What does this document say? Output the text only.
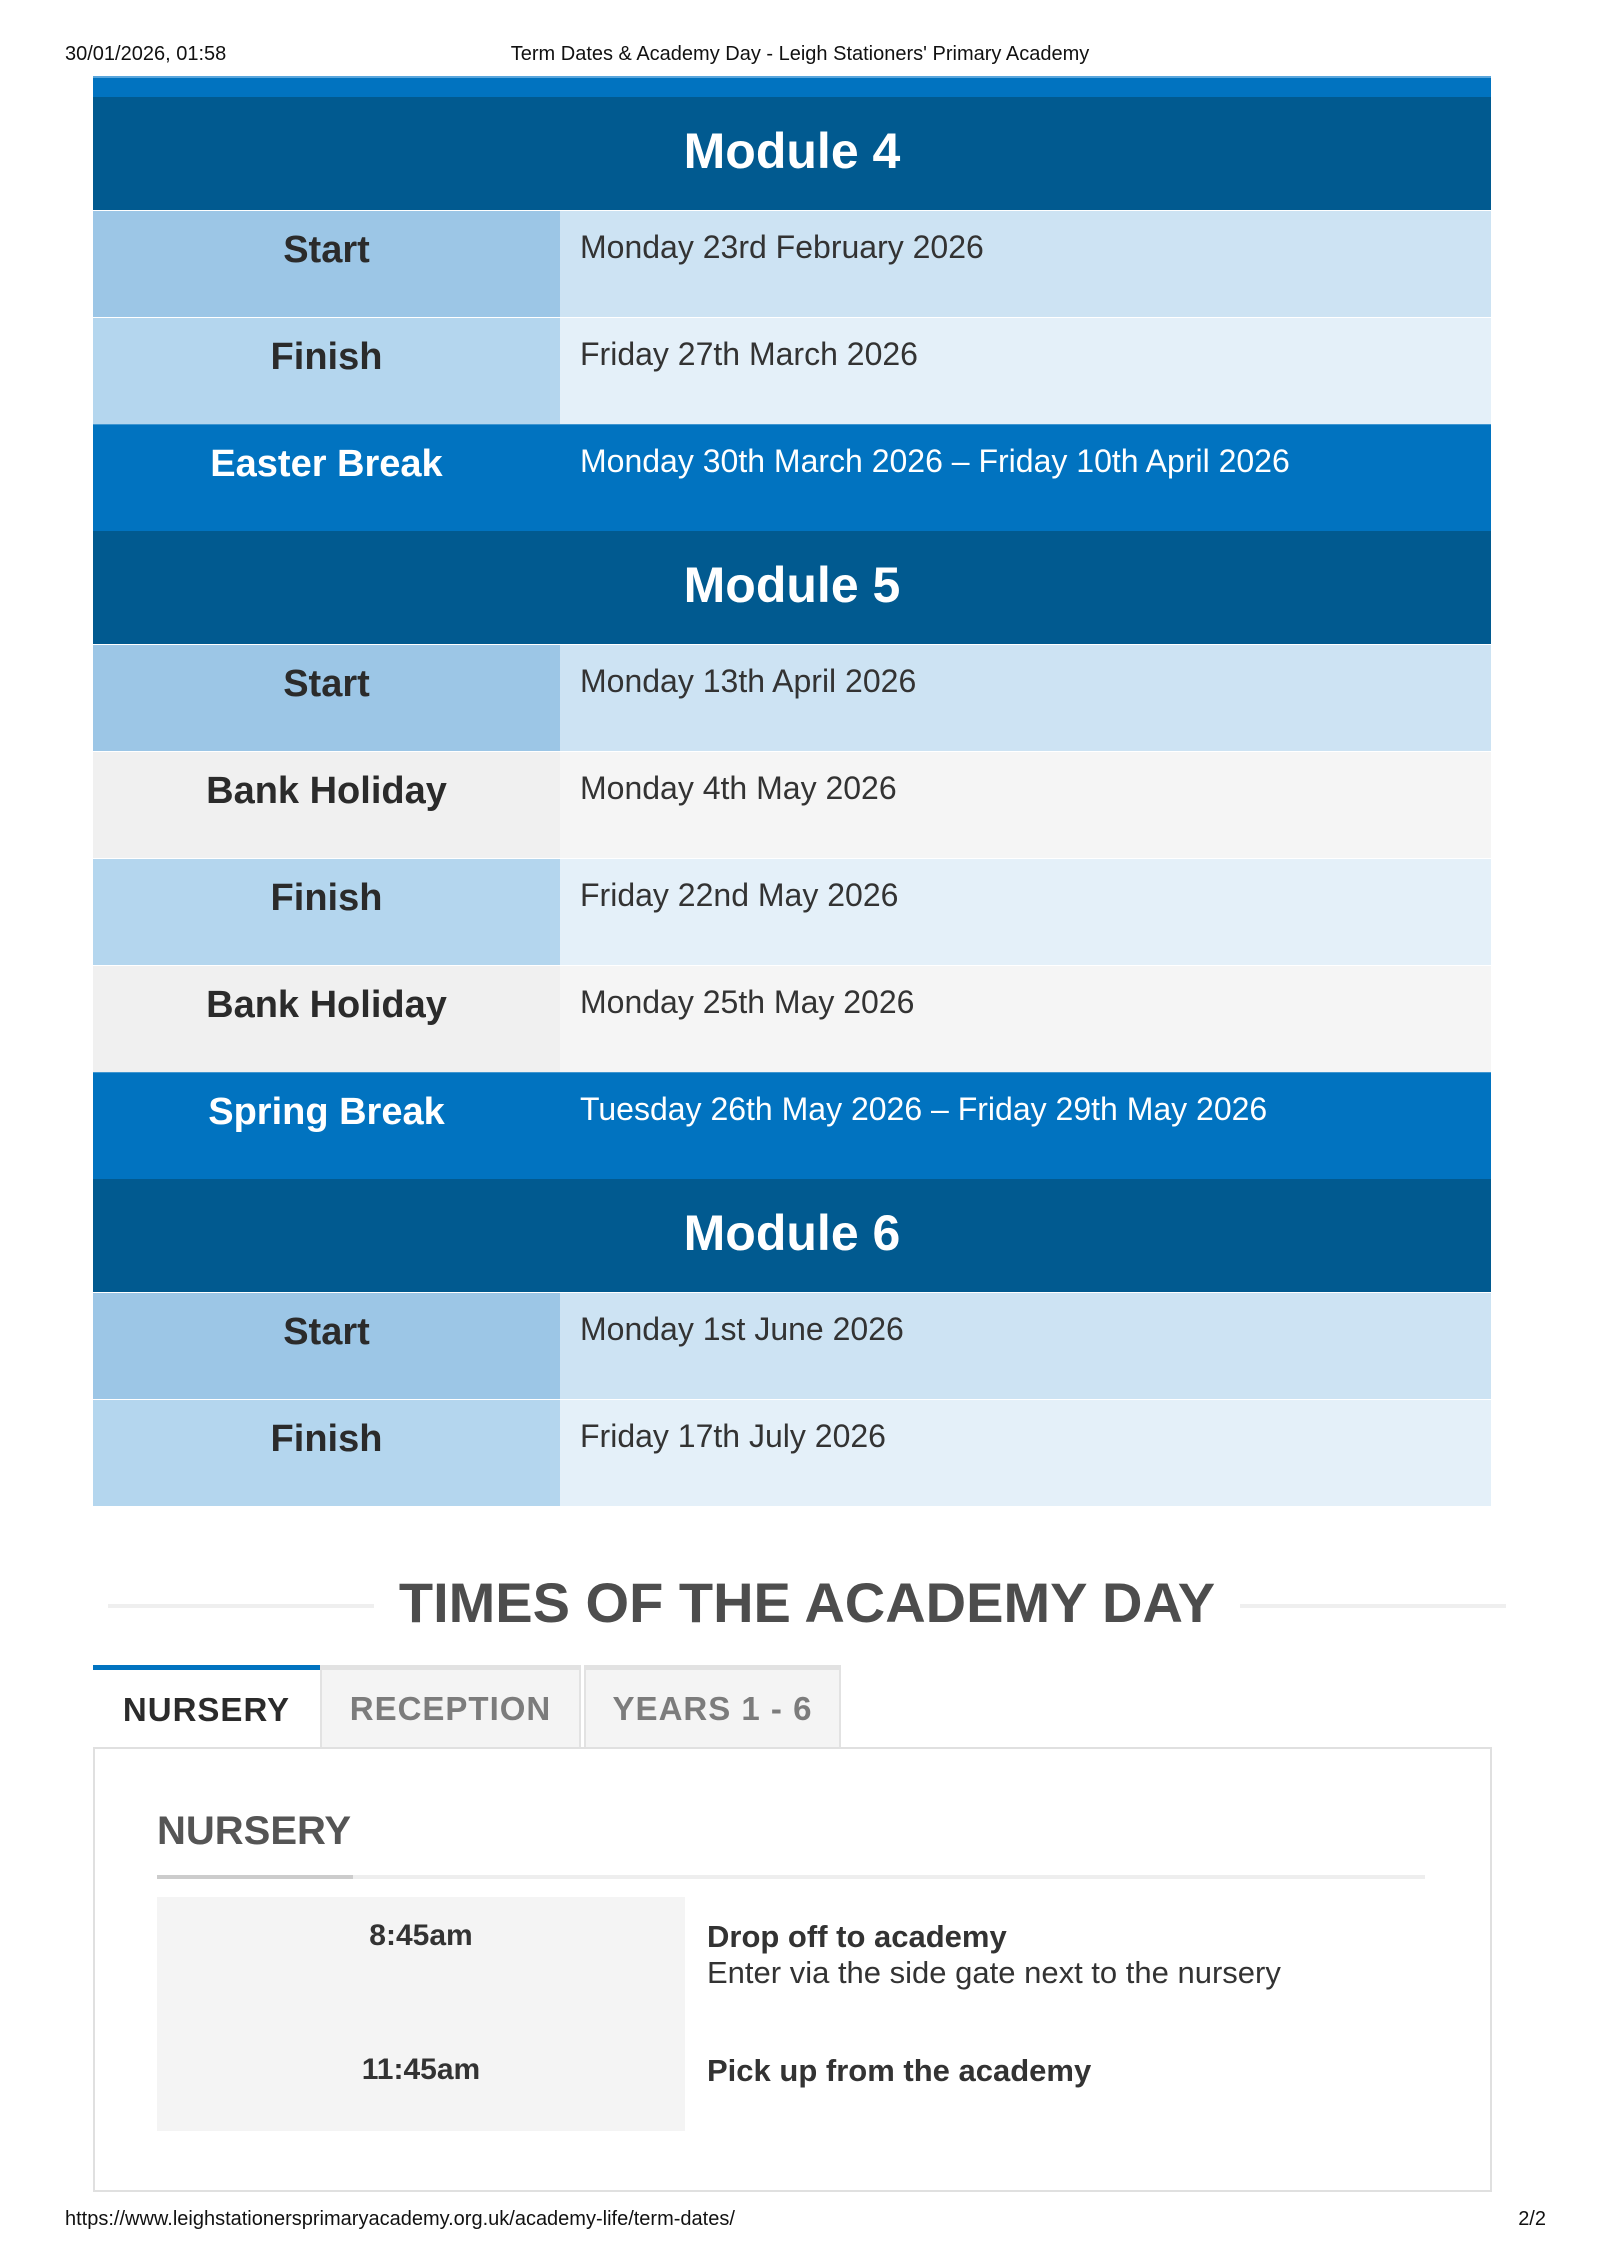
30/01/2026, 01:58	Term Dates & Academy Day - Leigh Stationers' Primary Academy
Module 4
Start	Monday 23rd February 2026
Finish	Friday 27th March 2026
Easter Break	Monday 30th March 2026 – Friday 10th April 2026
Module 5
Start	Monday 13th April 2026
Bank Holiday	Monday 4th May 2026
Finish	Friday 22nd May 2026
Bank Holiday	Monday 25th May 2026
Spring Break	Tuesday 26th May 2026 – Friday 29th May 2026
Module 6
Start	Monday 1st June 2026
Finish	Friday 17th July 2026
TIMES OF THE ACADEMY DAY
NURSERY	RECEPTION	YEARS 1 - 6
NURSERY
8:45am	Drop off to academy
Enter via the side gate next to the nursery
11:45am	Pick up from the academy
https://www.leighstationersprimaryacademy.org.uk/academy-life/term-dates/	2/2
